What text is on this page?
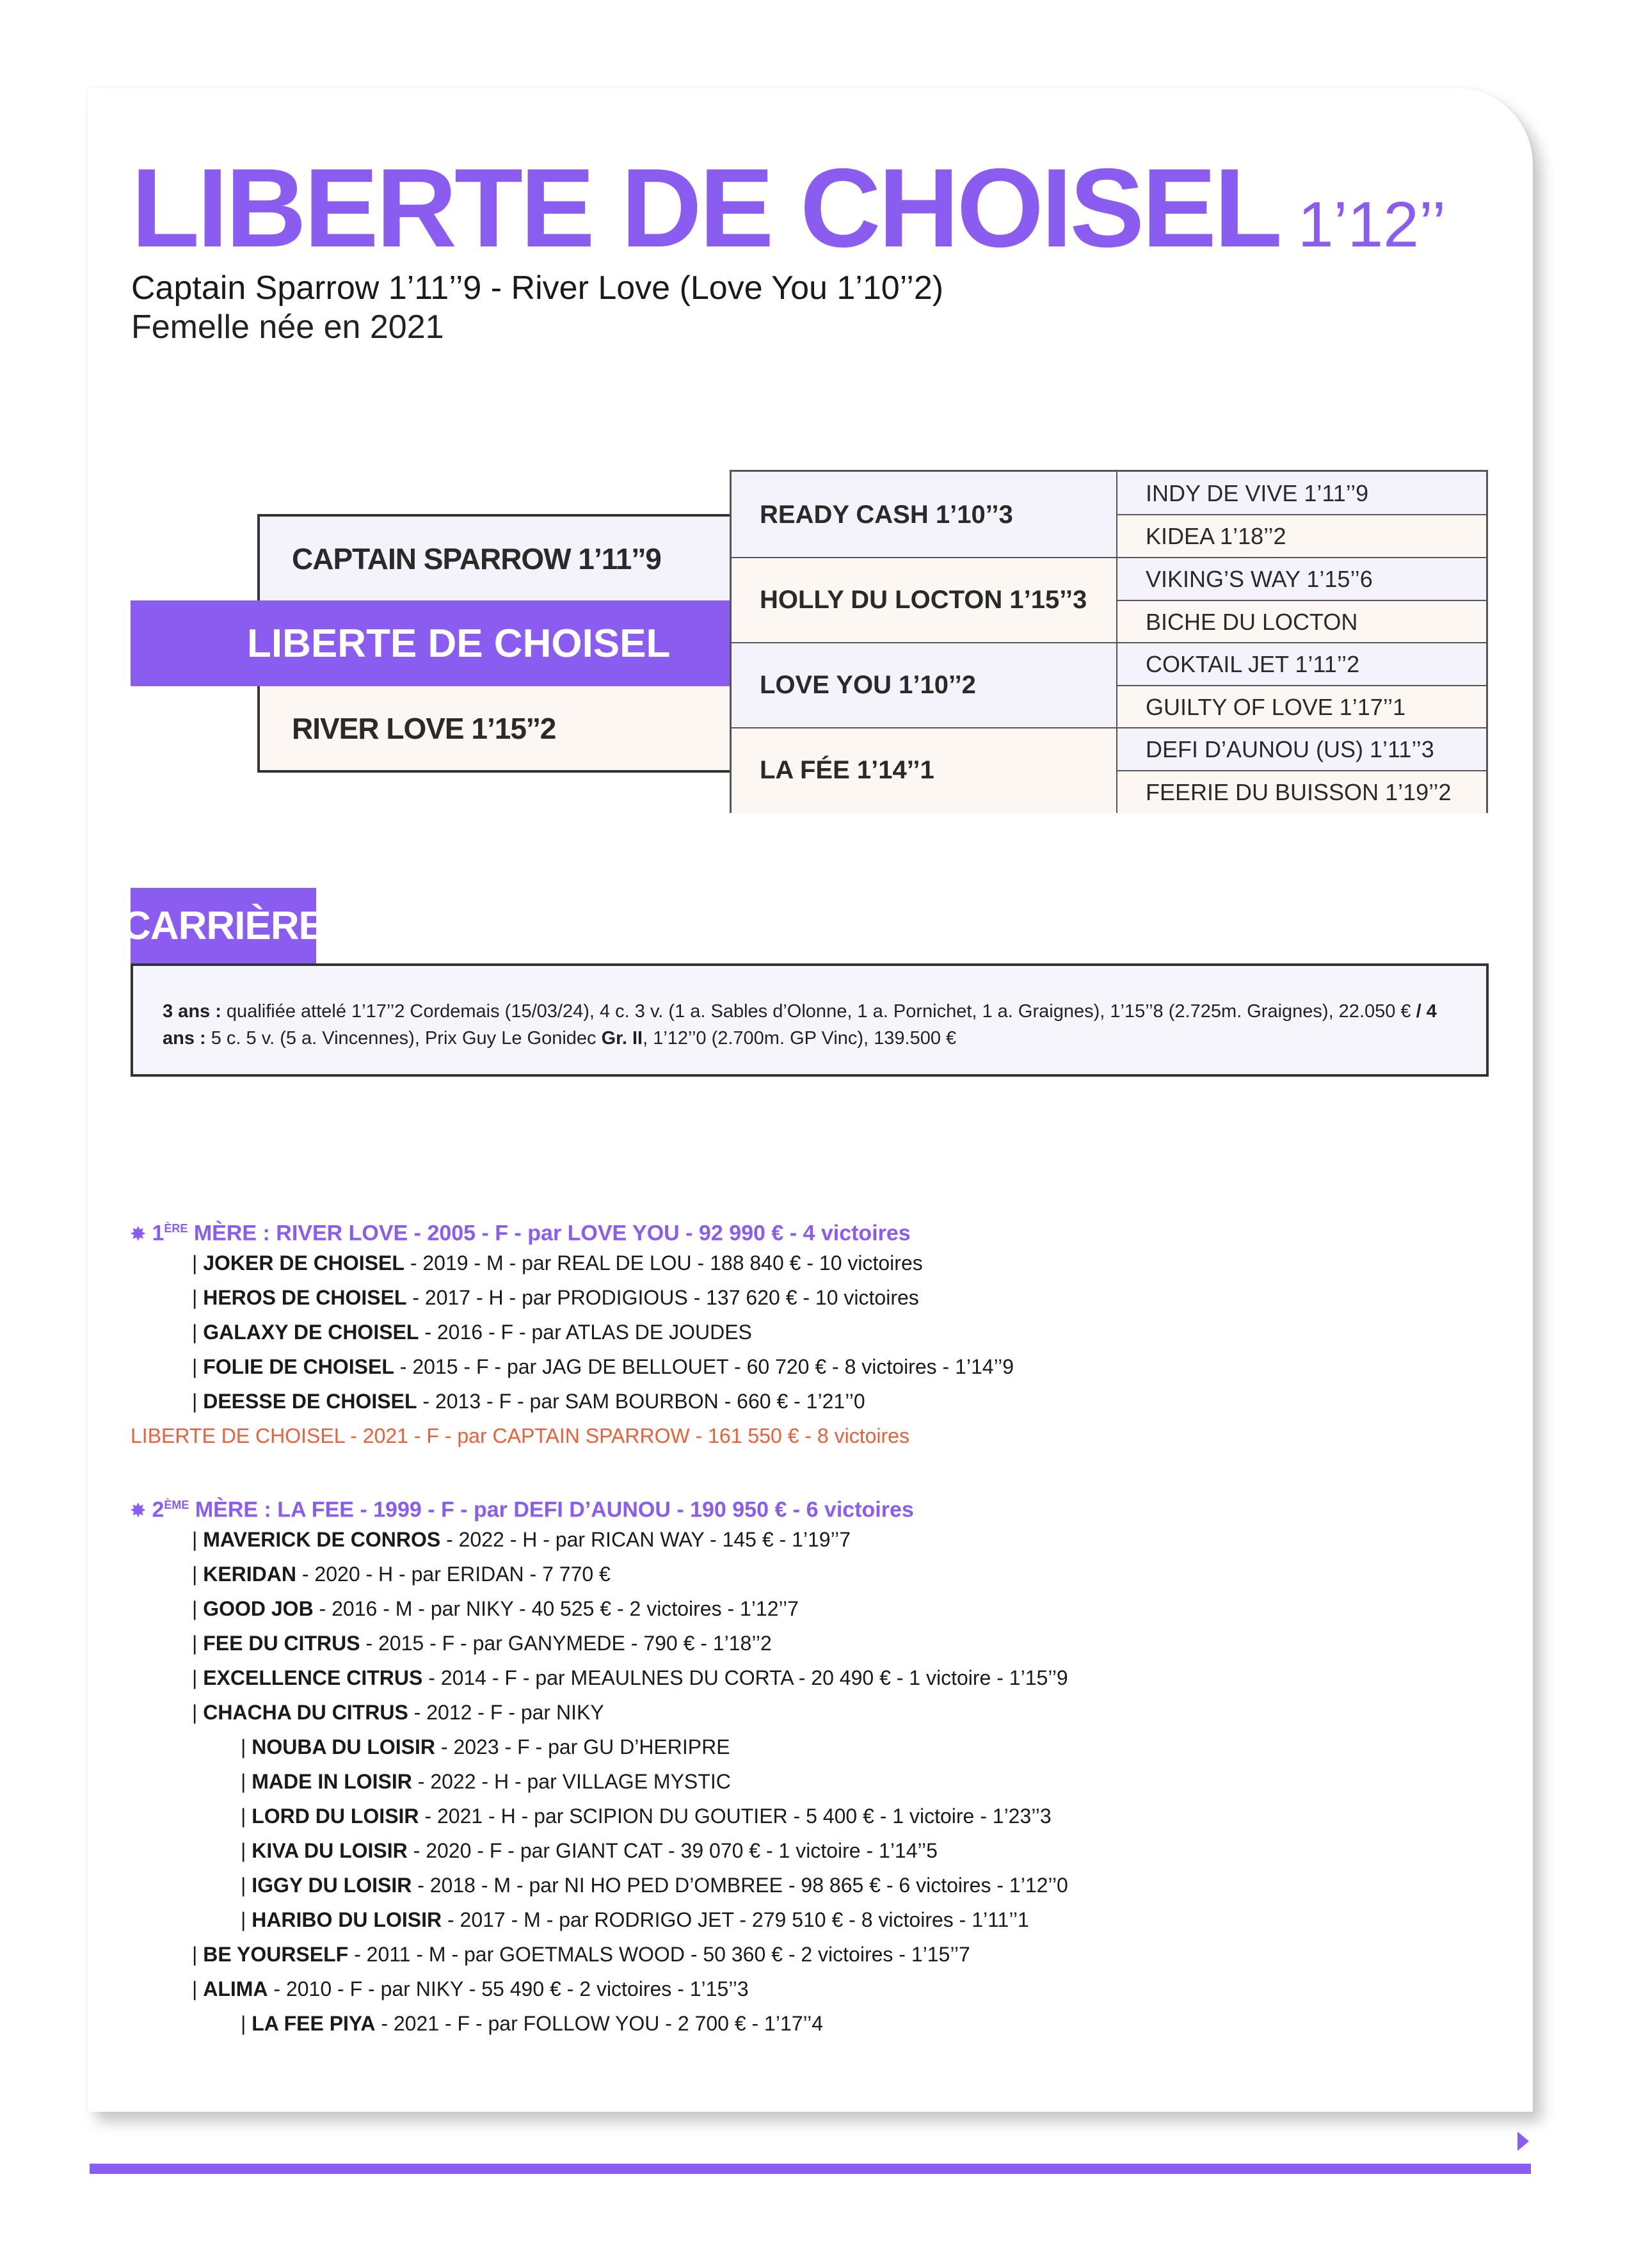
LIBERTE DE CHOISEL 1’12’’
Captain Sparrow 1’11’’9 - River Love (Love You 1’10’’2)
Femelle née en 2021
CAPTAIN SPARROW 1’11’’9
LIBERTE DE CHOISEL
RIVER LOVE 1’15’’2
READY CASH 1’10’’3
HOLLY DU LOCTON 1’15’’3
LOVE YOU 1’10’’2
LA FÉE 1’14’’1
INDY DE VIVE 1’11’’9
KIDEA 1’18’’2
VIKING’S WAY 1’15’’6
BICHE DU LOCTON
COKTAIL JET 1’11’’2
GUILTY OF LOVE 1’17’’1
DEFI D’AUNOU (US) 1’11’’3
FEERIE DU BUISSON 1’19’’2
CARRIÈRE
3 ans : qualifiée attelé 1’17’’2 Cordemais (15/03/24), 4 c. 3 v. (1 a. Sables d’Olonne, 1 a. Pornichet, 1 a. Graignes), 1’15’’8 (2.725m. Graignes), 22.050 € / 4 ans : 5 c. 5 v. (5 a. Vincennes), Prix Guy Le Gonidec Gr. II, 1’12’’0 (2.700m. GP Vinc), 139.500 €
✸ 1ÈRE MÈRE : RIVER LOVE - 2005 - F - par LOVE YOU - 92 990 € - 4 victoires
| JOKER DE CHOISEL - 2019 - M - par REAL DE LOU - 188 840 € - 10 victoires
| HEROS DE CHOISEL - 2017 - H - par PRODIGIOUS - 137 620 € - 10 victoires
| GALAXY DE CHOISEL - 2016 - F - par ATLAS DE JOUDES
| FOLIE DE CHOISEL - 2015 - F - par JAG DE BELLOUET - 60 720 € - 8 victoires - 1’14’’9
| DEESSE DE CHOISEL - 2013 - F - par SAM BOURBON - 660 € - 1’21’’0
LIBERTE DE CHOISEL - 2021 - F - par CAPTAIN SPARROW - 161 550 € - 8 victoires
✸ 2ÈME MÈRE : LA FEE - 1999 - F - par DEFI D’AUNOU - 190 950 € - 6 victoires
| MAVERICK DE CONROS - 2022 - H - par RICAN WAY - 145 € - 1’19’’7
| KERIDAN - 2020 - H - par ERIDAN - 7 770 €
| GOOD JOB - 2016 - M - par NIKY - 40 525 € - 2 victoires - 1’12’’7
| FEE DU CITRUS - 2015 - F - par GANYMEDE - 790 € - 1’18’’2
| EXCELLENCE CITRUS - 2014 - F - par MEAULNES DU CORTA - 20 490 € - 1 victoire - 1’15’’9
| CHACHA DU CITRUS - 2012 - F - par NIKY
| NOUBA DU LOISIR - 2023 - F - par GU D’HERIPRE
| MADE IN LOISIR - 2022 - H - par VILLAGE MYSTIC
| LORD DU LOISIR - 2021 - H - par SCIPION DU GOUTIER - 5 400 € - 1 victoire - 1’23’’3
| KIVA DU LOISIR - 2020 - F - par GIANT CAT - 39 070 € - 1 victoire - 1’14’’5
| IGGY DU LOISIR - 2018 - M - par NI HO PED D’OMBREE - 98 865 € - 6 victoires - 1’12’’0
| HARIBO DU LOISIR - 2017 - M - par RODRIGO JET - 279 510 € - 8 victoires - 1’11’’1
| BE YOURSELF - 2011 - M - par GOETMALS WOOD - 50 360 € - 2 victoires - 1’15’’7
| ALIMA - 2010 - F - par NIKY - 55 490 € - 2 victoires - 1’15’’3
| LA FEE PIYA - 2021 - F - par FOLLOW YOU - 2 700 € - 1’17’’4
